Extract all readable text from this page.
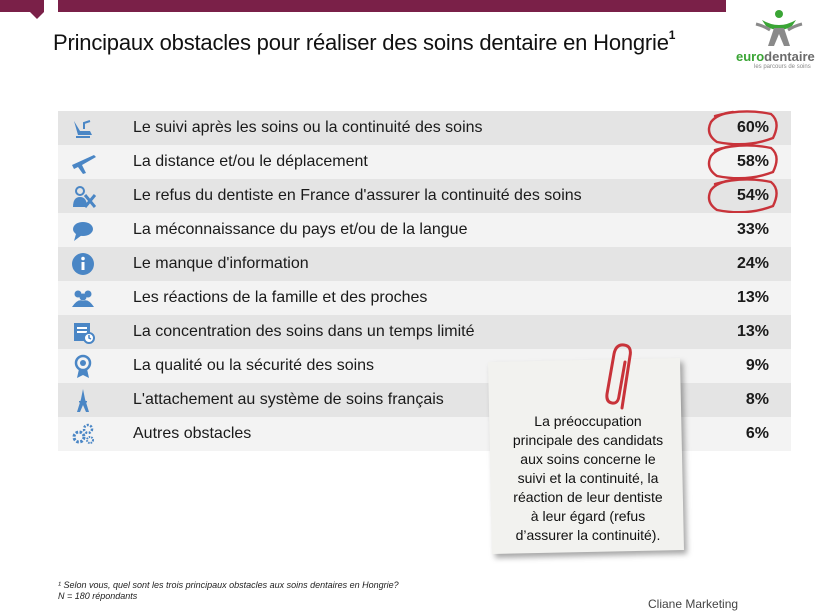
Principaux obstacles pour réaliser des soins dentaire en Hongrie$^1$
eurodentaire
les parcours de soins
Le suivi après les soins ou la continuité des soins	60%
La distance et/ou le déplacement	58%
Le refus du dentiste en France d'assurer la continuité des soins	54%
La méconnaissance du pays et/ou de la langue	33%
Le manque d'information	24%
Les réactions de la famille et des proches	13%
La concentration des soins dans un temps limité	13%
La qualité ou la sécurité des soins	9%
L'attachement au système de soins français	8%
Autres obstacles	6%
La préoccupation principale des candidats aux soins concerne le suivi et la continuité, la réaction de leur dentiste à leur égard (refus d’assurer la continuité).
¹ Selon vous, quel sont les trois principaux obstacles aux soins dentaires en Hongrie?
N = 180 répondants
Cliane Marketing
